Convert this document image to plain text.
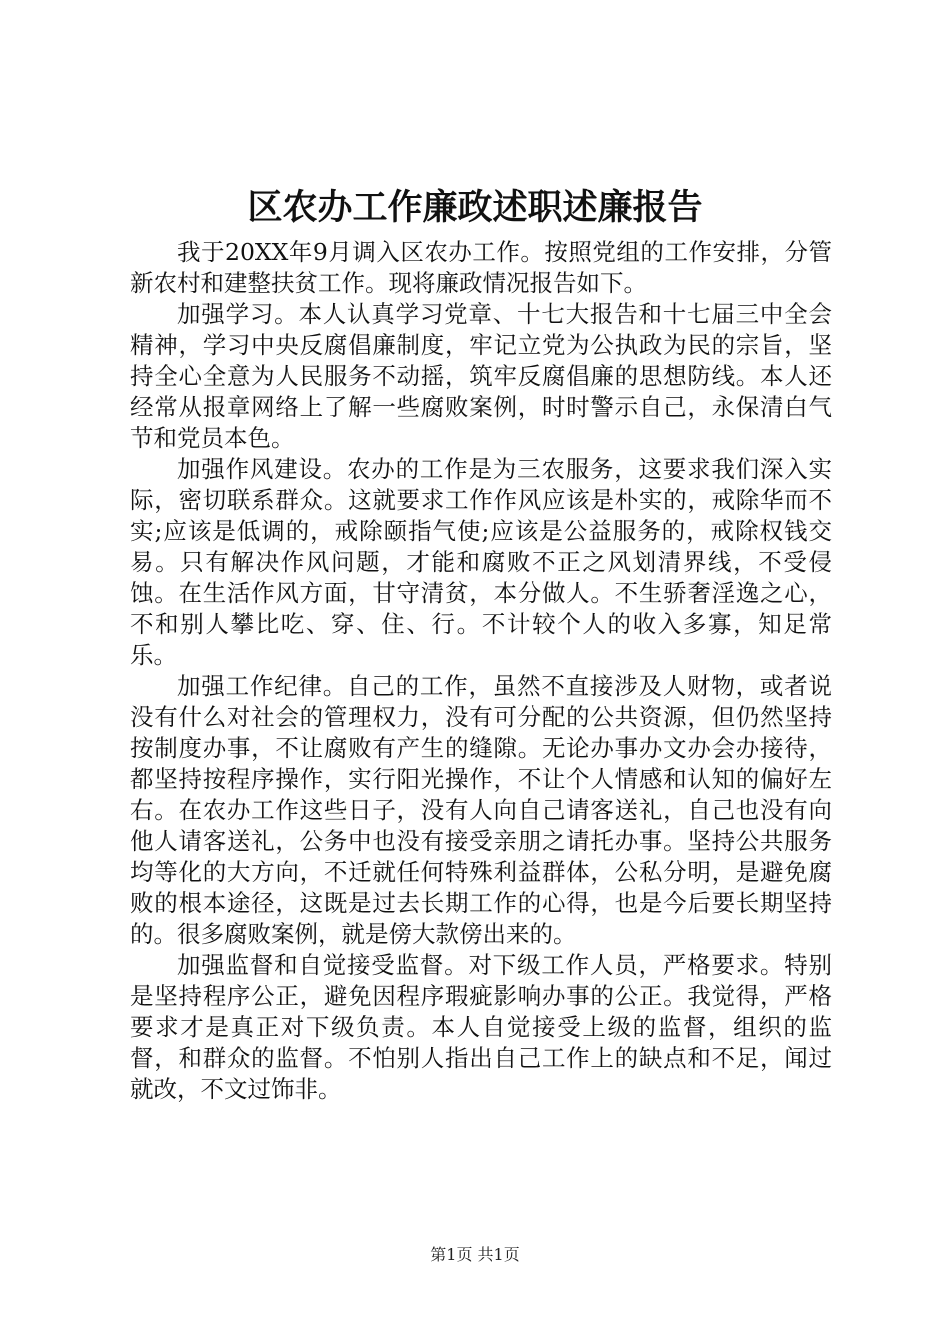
区农办工作廉政述职述廉报告

我于20XX年9月调入区农办工作。按照党组的工作安排，分管新农村和建整扶贫工作。现将廉政情况报告如下。

加强学习。本人认真学习党章、十七大报告和十七届三中全会精神，学习中央反腐倡廉制度，牢记立党为公执政为民的宗旨，坚持全心全意为人民服务不动摇，筑牢反腐倡廉的思想防线。本人还经常从报章网络上了解一些腐败案例，时时警示自己，永保清白气节和党员本色。

加强作风建设。农办的工作是为三农服务，这要求我们深入实际，密切联系群众。这就要求工作作风应该是朴实的，戒除华而不实;应该是低调的，戒除颐指气使;应该是公益服务的，戒除权钱交易。只有解决作风问题，才能和腐败不正之风划清界线，不受侵蚀。在生活作风方面，甘守清贫，本分做人。不生骄奢淫逸之心，不和别人攀比吃、穿、住、行。不计较个人的收入多寡，知足常乐。

加强工作纪律。自己的工作，虽然不直接涉及人财物，或者说没有什么对社会的管理权力，没有可分配的公共资源，但仍然坚持按制度办事，不让腐败有产生的缝隙。无论办事办文办会办接待，都坚持按程序操作，实行阳光操作，不让个人情感和认知的偏好左右。在农办工作这些日子，没有人向自己请客送礼，自己也没有向他人请客送礼，公务中也没有接受亲朋之请托办事。坚持公共服务均等化的大方向，不迁就任何特殊利益群体，公私分明，是避免腐败的根本途径，这既是过去长期工作的心得，也是今后要长期坚持的。很多腐败案例，就是傍大款傍出来的。

加强监督和自觉接受监督。对下级工作人员，严格要求。特别是坚持程序公正，避免因程序瑕疵影响办事的公正。我觉得，严格要求才是真正对下级负责。本人自觉接受上级的监督，组织的监督，和群众的监督。不怕别人指出自己工作上的缺点和不足，闻过就改，不文过饰非。

第1页 共1页
